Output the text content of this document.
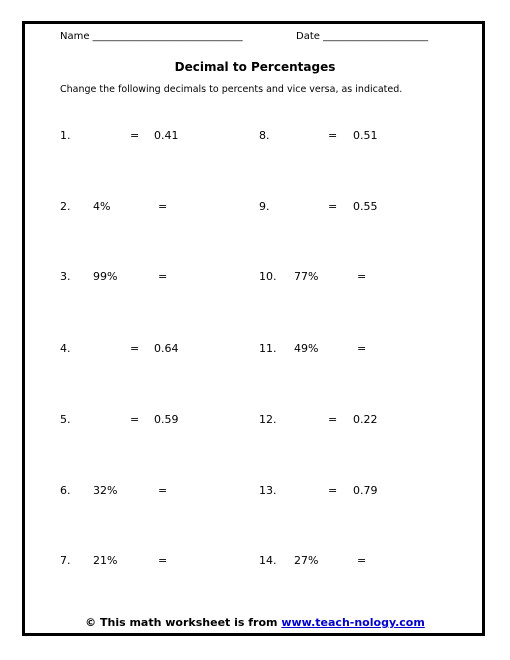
Name ______________________________	Date _____________________
Decimal to Percentages
Change the following decimals to percents and vice versa, as indicated.
1.	= 0.41
2. 4%	=
3. 99%	=
4.	= 0.64
5.	= 0.59
6. 32%	=
7. 21%	=
8.	= 0.51
9.	= 0.55
10. 77%	=
11. 49%	=
12.	= 0.22
13.	= 0.79
14. 27%	=
© This math worksheet is from www.teach-nology.com
